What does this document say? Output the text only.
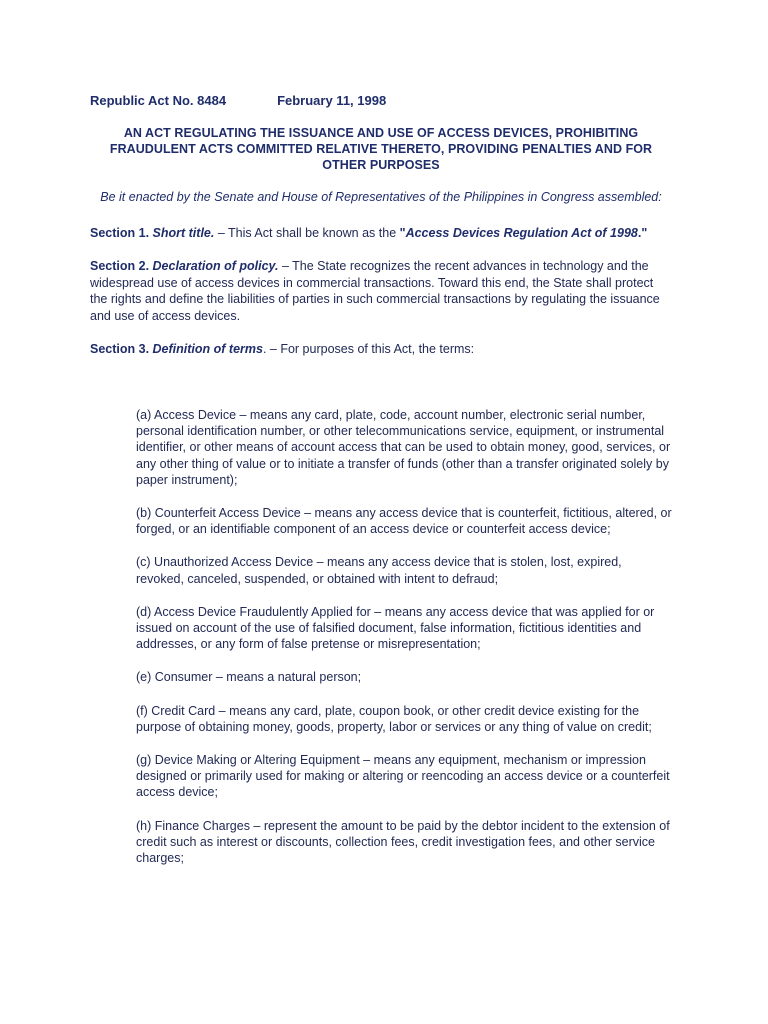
Republic Act No. 8484	February 11, 1998
AN ACT REGULATING THE ISSUANCE AND USE OF ACCESS DEVICES, PROHIBITING FRAUDULENT ACTS COMMITTED RELATIVE THERETO, PROVIDING PENALTIES AND FOR OTHER PURPOSES
Be it enacted by the Senate and House of Representatives of the Philippines in Congress assembled:
Section 1. Short title. – This Act shall be known as the "Access Devices Regulation Act of 1998."
Section 2. Declaration of policy. – The State recognizes the recent advances in technology and the widespread use of access devices in commercial transactions. Toward this end, the State shall protect the rights and define the liabilities of parties in such commercial transactions by regulating the issuance and use of access devices.
Section 3. Definition of terms. – For purposes of this Act, the terms:
(a) Access Device – means any card, plate, code, account number, electronic serial number, personal identification number, or other telecommunications service, equipment, or instrumental identifier, or other means of account access that can be used to obtain money, good, services, or any other thing of value or to initiate a transfer of funds (other than a transfer originated solely by paper instrument);
(b) Counterfeit Access Device – means any access device that is counterfeit, fictitious, altered, or forged, or an identifiable component of an access device or counterfeit access device;
(c) Unauthorized Access Device – means any access device that is stolen, lost, expired, revoked, canceled, suspended, or obtained with intent to defraud;
(d) Access Device Fraudulently Applied for – means any access device that was applied for or issued on account of the use of falsified document, false information, fictitious identities and addresses, or any form of false pretense or misrepresentation;
(e) Consumer – means a natural person;
(f) Credit Card – means any card, plate, coupon book, or other credit device existing for the purpose of obtaining money, goods, property, labor or services or any thing of value on credit;
(g) Device Making or Altering Equipment – means any equipment, mechanism or impression designed or primarily used for making or altering or reencoding an access device or a counterfeit access device;
(h) Finance Charges – represent the amount to be paid by the debtor incident to the extension of credit such as interest or discounts, collection fees, credit investigation fees, and other service charges;
